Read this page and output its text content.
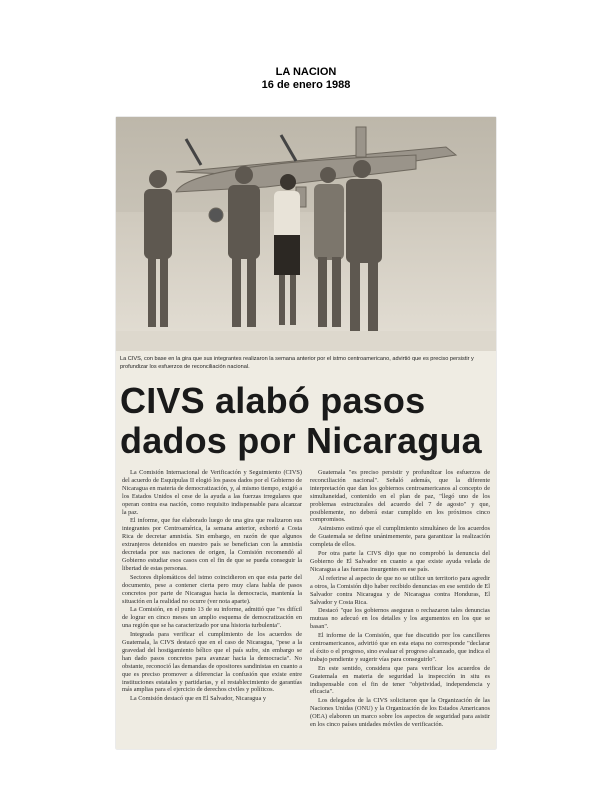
LA NACION
16 de enero 1988
La CIVS, con base en la gira que sus integrantes realizaron la semana anterior por el istmo centroamericano, advirtió que es preciso persistir y profundizar los esfuerzos de reconciliación nacional.
CIVS alabó pasos
dados por Nicaragua

La Comisión Internacional de Verificación y Seguimiento (CIVS) del acuerdo de Esquipulas II elogió los pasos dados por el Gobierno de Nicaragua en materia de democratización, y, al mismo tiempo, exigió a los Estados Unidos el cese de la ayuda a las fuerzas irregulares que operan contra esa nación, como requisito indispensable para alcanzar la paz.

El informe, que fue elaborado luego de una gira que realizaron sus integrantes por Centroamérica, la semana anterior, exhortó a Costa Rica de decretar amnistía. Sin embargo, en razón de que algunos extranjeros detenidos en nuestro país se benefician con la amnistía decretada por sus naciones de origen, la Comisión recomendó al Gobierno estudiar esos casos con el fin de que se pueda conseguir la libertad de estas personas.

Sectores diplomáticos del istmo coincidieron en que esta parte del documento, pese a contener cierta pero muy clara habla de pasos concretos por parte de Nicaragua hacia la democracia, mantenía la situación en la realidad no ocurre (ver nota aparte).

La Comisión, en el punto 13 de su informe, admitió que "es difícil de lograr en cinco meses un amplio esquema de democratización en una región que se ha caracterizado por una historia turbulenta".

Integrada para verificar el cumplimiento de los acuerdos de Guatemala, la CIVS destacó que en el caso de Nicaragua, "pese a la gravedad del hostigamiento bélico que el país sufre, sin embargo se han dado pasos concretos para avanzar hacia la democracia". No obstante, reconoció las demandas de opositores sandinistas en cuanto a que es preciso promover a diferenciar la confusión que existe entre instituciones estatales y partidarias, y el restablecimiento de garantías más amplias para el ejercicio de derechos civiles y políticos.

La Comisión destacó que en El Salvador, Nicaragua y

Guatemala "es preciso persistir y profundizar los esfuerzos de reconciliación nacional". Señaló además, que la diferente interpretación que dan los gobiernos centroamericanos al concepto de simultaneidad, contenido en el plan de paz, "llegó uno de los problemas estructurales del acuerdo del 7 de agosto" y que, posiblemente, no deberá estar cumplido en los próximos cinco compromisos.

Asimismo estimó que el cumplimiento simultáneo de los acuerdos de Guatemala se define unánimemente, para garantizar la realización completa de ellos.

Por otra parte la CIVS dijo que no comprobó la denuncia del Gobierno de El Salvador en cuanto a que existe ayuda velada de Nicaragua a las fuerzas insurgentes en ese país.

Al referirse al aspecto de que no se utilice un territorio para agredir a otros, la Comisión dijo haber recibido denuncias en ese sentido de El Salvador contra Nicaragua y de Nicaragua contra Honduras, El Salvador y Costa Rica.

Destacó "que los gobiernos aseguran o rechazaron tales denuncias mutuas no adecuó en los detalles y los argumentos en los que se basan".

El informe de la Comisión, que fue discutido por los cancilleres centroamericanos, advirtió que en esta etapa no corresponde "declarar el éxito o el progreso, sino evaluar el progreso alcanzado, que indica el trabajo pendiente y sugerir vías para conseguirlo".

En este sentido, considera que para verificar los acuerdos de Guatemala en materia de seguridad la inspección in situ es indispensable con el fin de tener "objetividad, independencia y eficacia".

Los delegados de la CIVS solicitaron que la Organización de las Naciones Unidas (ONU) y la Organización de los Estados Americanos (OEA) elaboren un marco sobre los aspectos de seguridad para asistir en los cinco países unidades móviles de verificación.
